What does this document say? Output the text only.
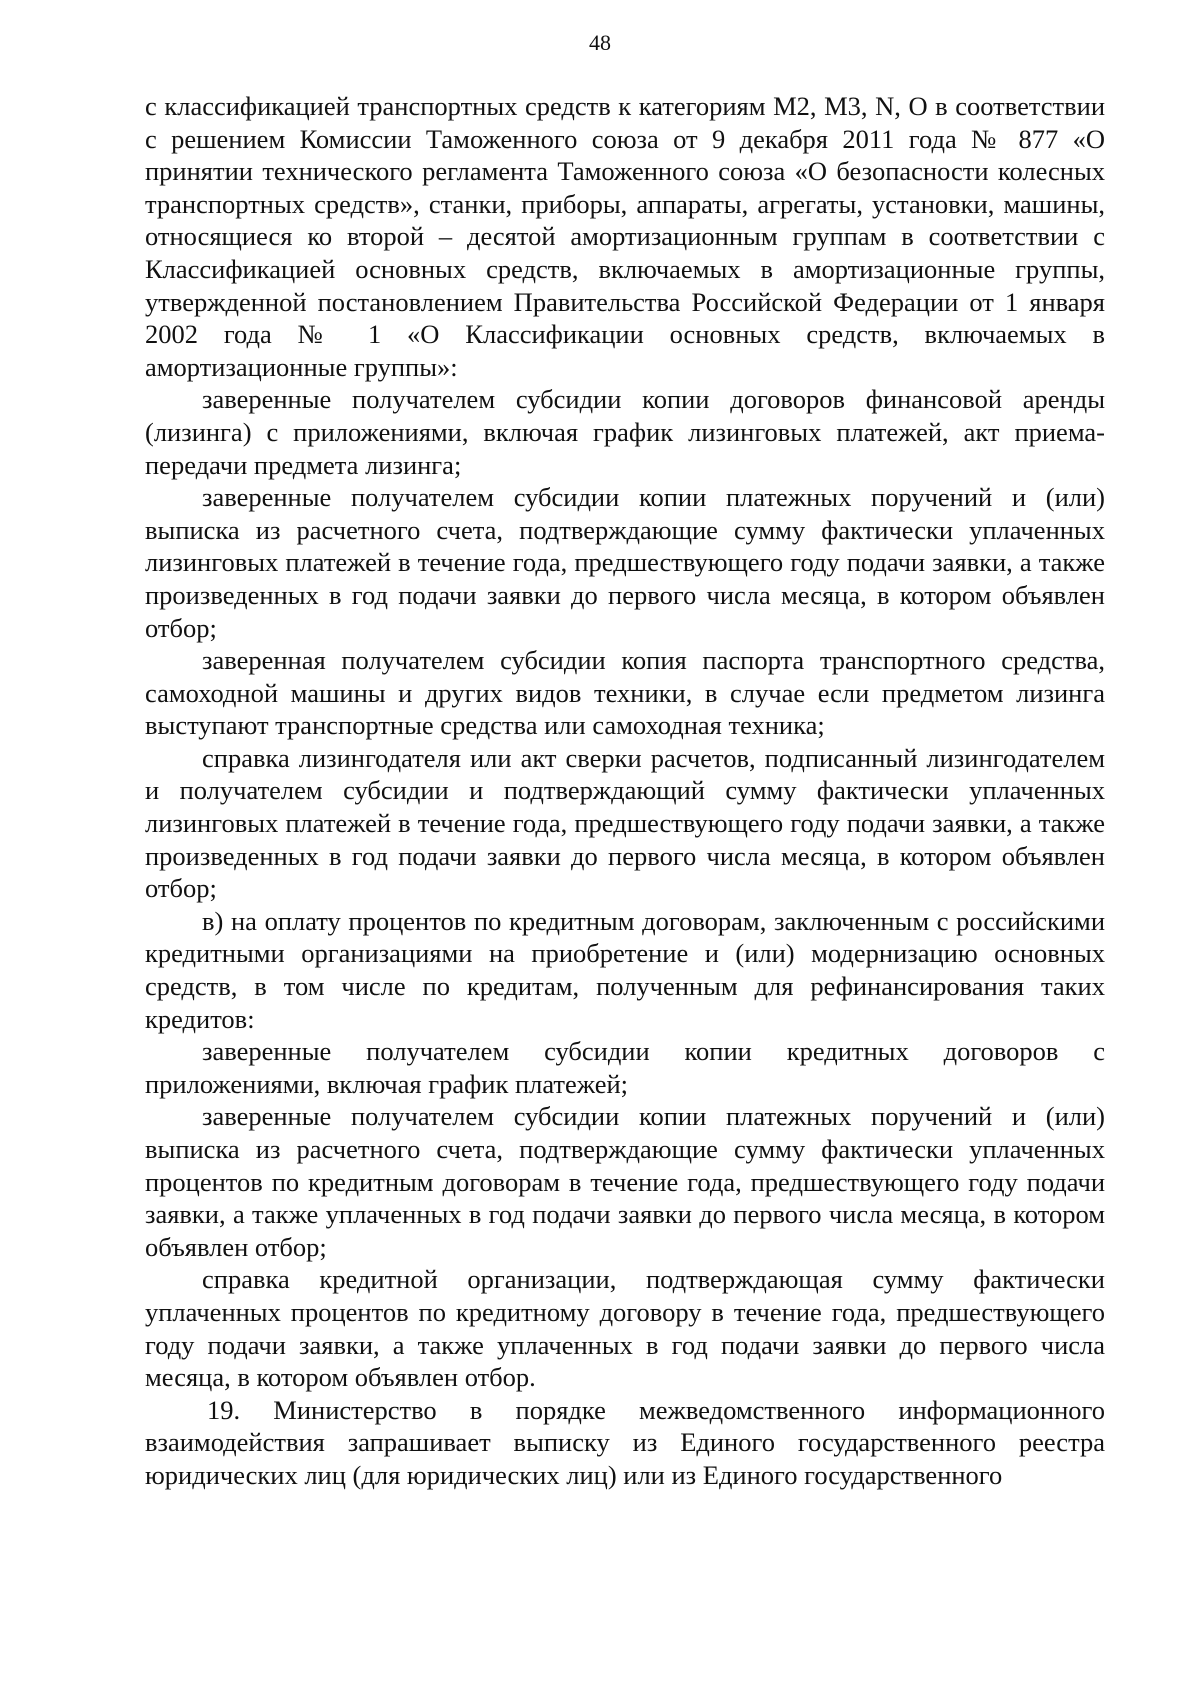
48

с классификацией транспортных средств к категориям M2, M3, N, O в соответствии с решением Комиссии Таможенного союза от 9 декабря 2011 года № 877 «О принятии технического регламента Таможенного союза «О безопасности колесных транспортных средств», станки, приборы, аппараты, агрегаты, установки, машины, относящиеся ко второй – десятой амортизационным группам в соответствии с Классификацией основных средств, включаемых в амортизационные группы, утвержденной постановлением Правительства Российской Федерации от 1 января 2002 года № 1 «О Классификации основных средств, включаемых в амортизационные группы»:

заверенные получателем субсидии копии договоров финансовой аренды (лизинга) с приложениями, включая график лизинговых платежей, акт приема-передачи предмета лизинга;

заверенные получателем субсидии копии платежных поручений и (или) выписка из расчетного счета, подтверждающие сумму фактически уплаченных лизинговых платежей в течение года, предшествующего году подачи заявки, а также произведенных в год подачи заявки до первого числа месяца, в котором объявлен отбор;

заверенная получателем субсидии копия паспорта транспортного средства, самоходной машины и других видов техники, в случае если предметом лизинга выступают транспортные средства или самоходная техника;

справка лизингодателя или акт сверки расчетов, подписанный лизингодателем и получателем субсидии и подтверждающий сумму фактически уплаченных лизинговых платежей в течение года, предшествующего году подачи заявки, а также произведенных в год подачи заявки до первого числа месяца, в котором объявлен отбор;

в) на оплату процентов по кредитным договорам, заключенным с российскими кредитными организациями на приобретение и (или) модернизацию основных средств, в том числе по кредитам, полученным для рефинансирования таких кредитов:

заверенные получателем субсидии копии кредитных договоров с приложениями, включая график платежей;

заверенные получателем субсидии копии платежных поручений и (или) выписка из расчетного счета, подтверждающие сумму фактически уплаченных процентов по кредитным договорам в течение года, предшествующего году подачи заявки, а также уплаченных в год подачи заявки до первого числа месяца, в котором объявлен отбор;

справка кредитной организации, подтверждающая сумму фактически уплаченных процентов по кредитному договору в течение года, предшествующего году подачи заявки, а также уплаченных в год подачи заявки до первого числа месяца, в котором объявлен отбор.

19. Министерство в порядке межведомственного информационного взаимодействия запрашивает выписку из Единого государственного реестра юридических лиц (для юридических лиц) или из Единого государственного
